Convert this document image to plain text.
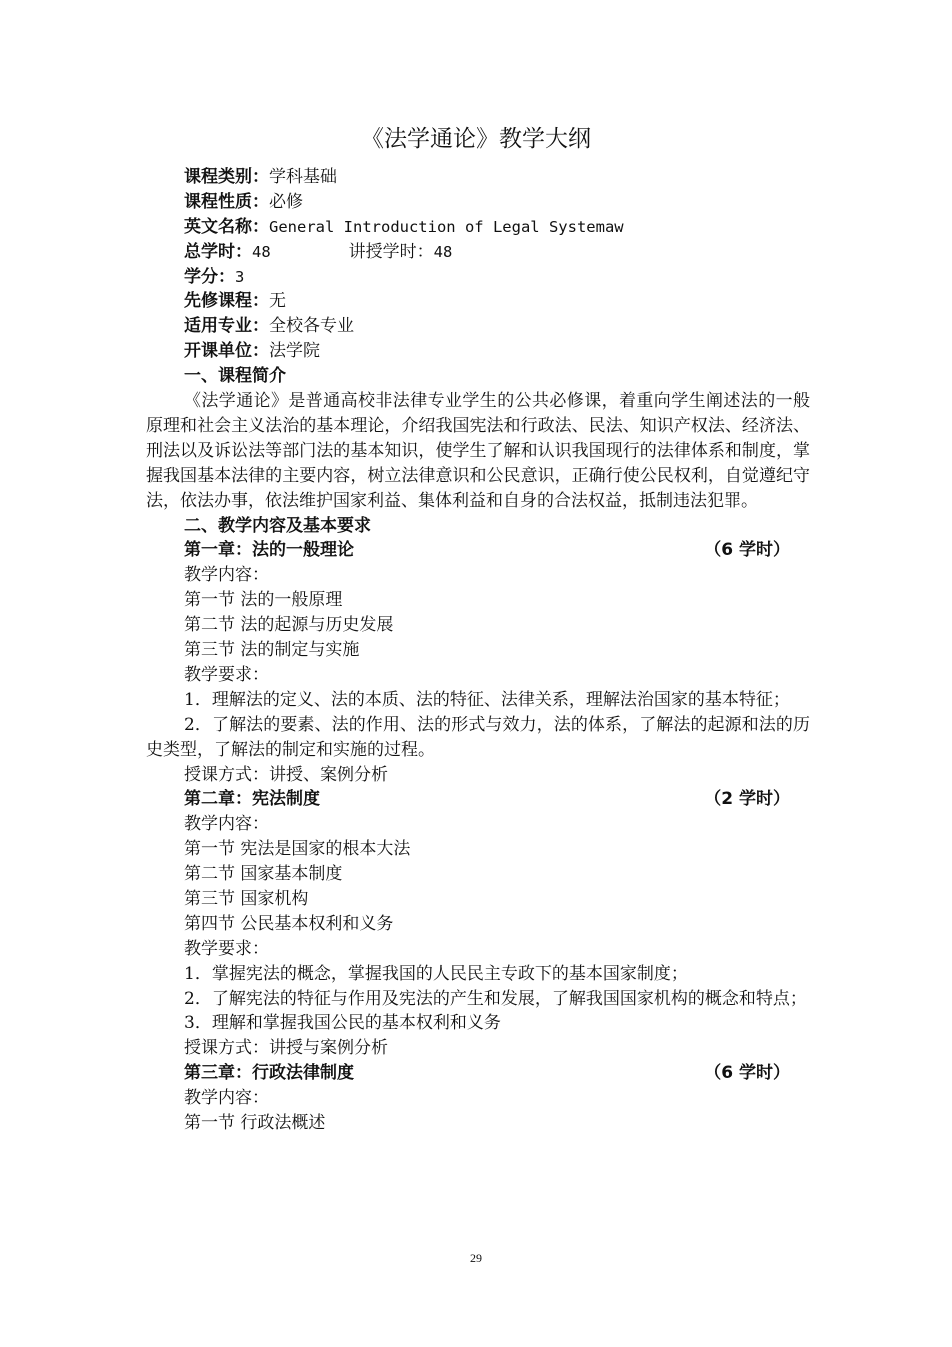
《法学通论》教学大纲
课程类别：学科基础
课程性质：必修
英文名称：General Introduction of Legal Systemaw
总学时：48	讲授学时：48
学分：3
先修课程：无
适用专业：全校各专业
开课单位：法学院
一、课程简介

《法学通论》是普通高校非法律专业学生的公共必修课，着重向学生阐述法的一般原理和社会主义法治的基本理论，介绍我国宪法和行政法、民法、知识产权法、经济法、刑法以及诉讼法等部门法的基本知识，使学生了解和认识我国现行的法律体系和制度，掌握我国基本法律的主要内容，树立法律意识和公民意识，正确行使公民权利，自觉遵纪守法，依法办事，依法维护国家利益、集体利益和自身的合法权益，抵制违法犯罪。

二、教学内容及基本要求
第一章：法的一般理论	（6 学时）
教学内容：
第一节 法的一般原理
第二节 法的起源与历史发展
第三节 法的制定与实施
教学要求：

1．理解法的定义、法的本质、法的特征、法律关系，理解法治国家的基本特征；

2．了解法的要素、法的作用、法的形式与效力，法的体系，了解法的起源和法的历史类型，了解法的制定和实施的过程。

授课方式：讲授、案例分析
第二章：宪法制度	（2 学时）
教学内容：
第一节 宪法是国家的根本大法
第二节 国家基本制度
第三节 国家机构
第四节 公民基本权利和义务
教学要求：

1．掌握宪法的概念，掌握我国的人民民主专政下的基本国家制度；

2．了解宪法的特征与作用及宪法的产生和发展，了解我国国家机构的概念和特点；

3．理解和掌握我国公民的基本权利和义务

授课方式：讲授与案例分析
第三章：行政法律制度	（6 学时）
教学内容：
第一节 行政法概述
29
